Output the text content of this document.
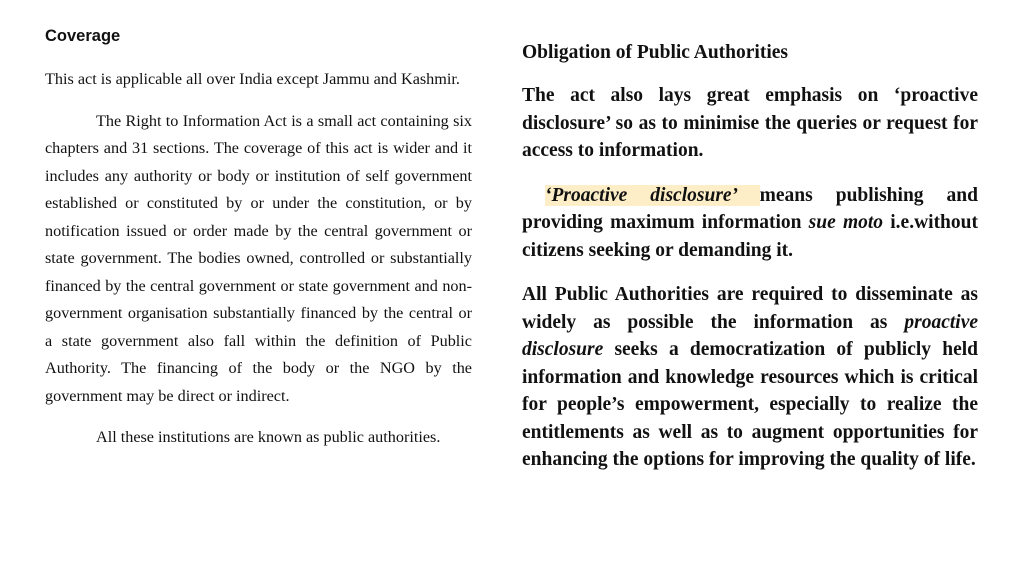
Coverage

This act is applicable all over India except Jammu and Kashmir.

The Right to Information Act is a small act containing six chapters and 31 sections. The coverage of this act is wider and it includes any authority or body or institution of self government established or constituted by or under the constitution, or by notification issued or order made by the central government or state government. The bodies owned, controlled or substantially financed by the central government or state government and non-government organisation substantially financed by the central or a state government also fall within the definition of Public Authority. The financing of the body or the NGO by the government may be direct or indirect.

All these institutions are known as public authorities.

Obligation of Public Authorities

The act also lays great emphasis on ‘proactive disclosure’ so as to minimise the queries or request for access to information.

‘Proactive disclosure’ means publishing and providing maximum information sue moto i.e.without citizens seeking or demanding it.

All Public Authorities are required to disseminate as widely as possible the information as proactive disclosure seeks a democratization of publicly held information and knowledge resources which is critical for people’s empowerment, especially to realize the entitlements as well as to augment opportunities for enhancing the options for improving the quality of life.
